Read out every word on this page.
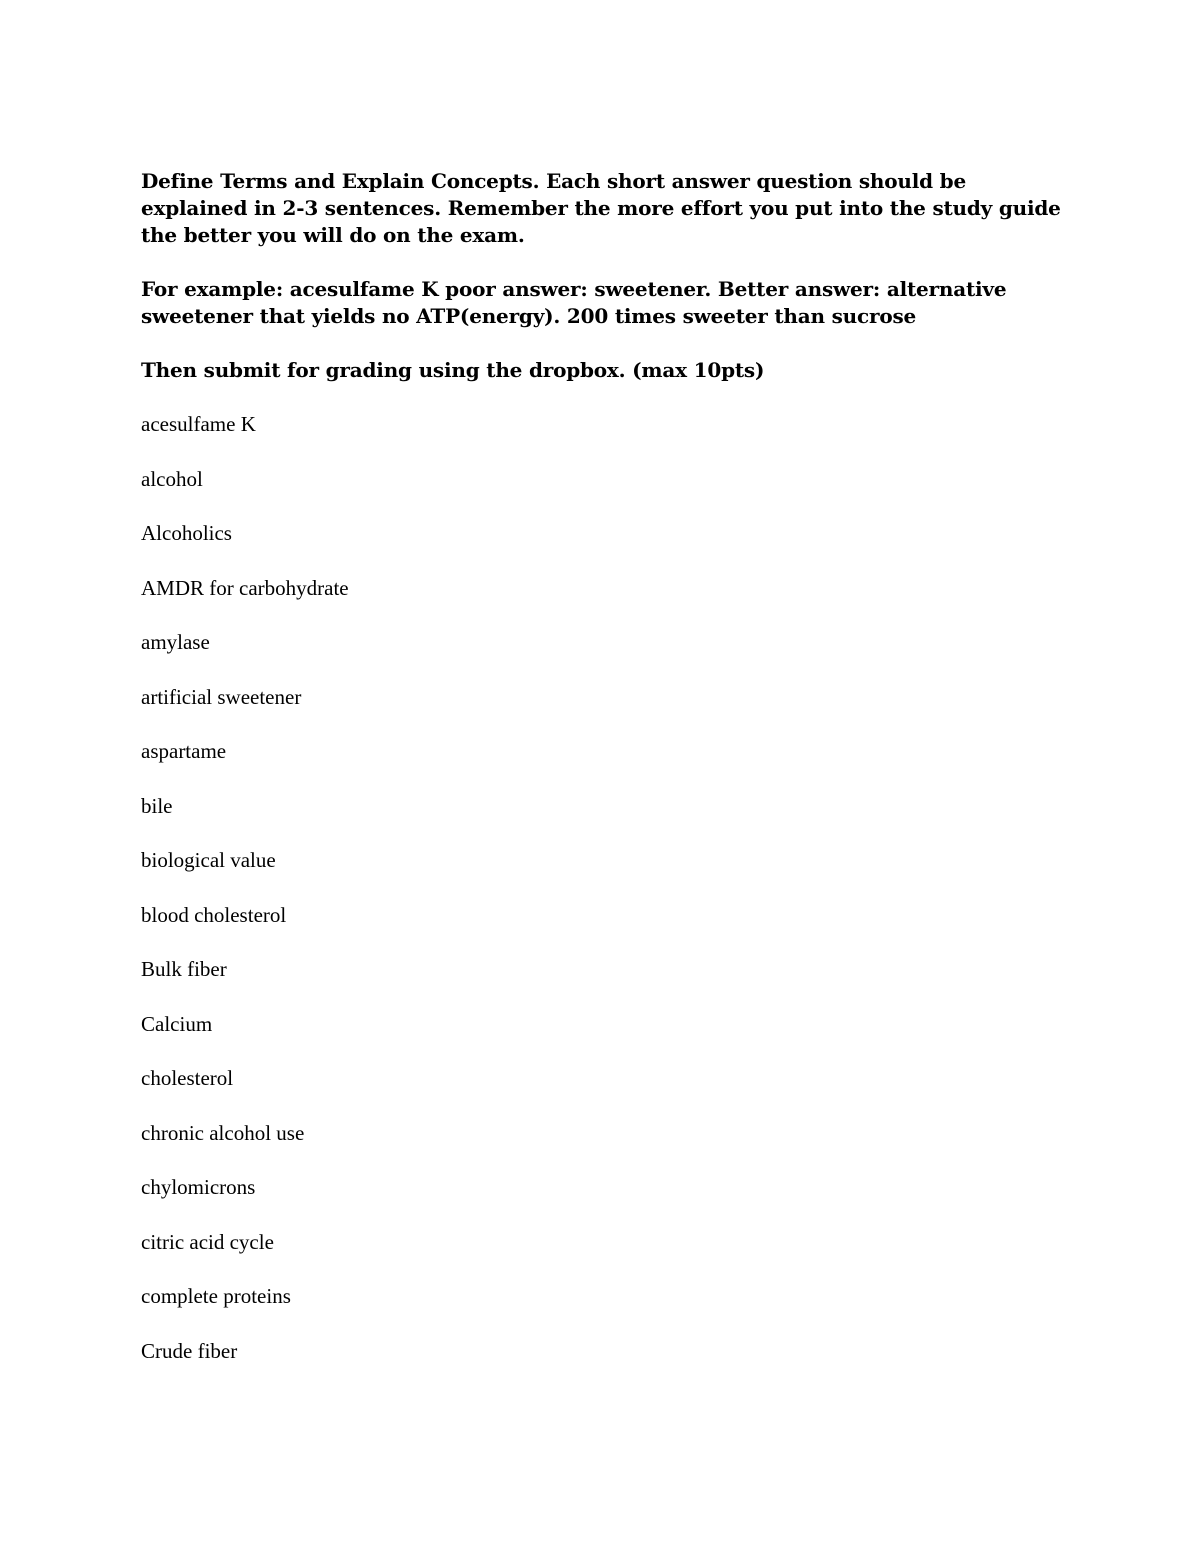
Define Terms and Explain Concepts. Each short answer question should be explained in 2-3 sentences. Remember the more effort you put into the study guide the better you will do on the exam.

For example: acesulfame K poor answer: sweetener. Better answer: alternative sweetener that yields no ATP(energy). 200 times sweeter than sucrose

Then submit for grading using the dropbox. (max 10pts)

acesulfame K
alcohol
Alcoholics
AMDR for carbohydrate
amylase
artificial sweetener
aspartame
bile
biological value
blood cholesterol
Bulk fiber
Calcium
cholesterol
chronic alcohol use
chylomicrons
citric acid cycle
complete proteins
Crude fiber
